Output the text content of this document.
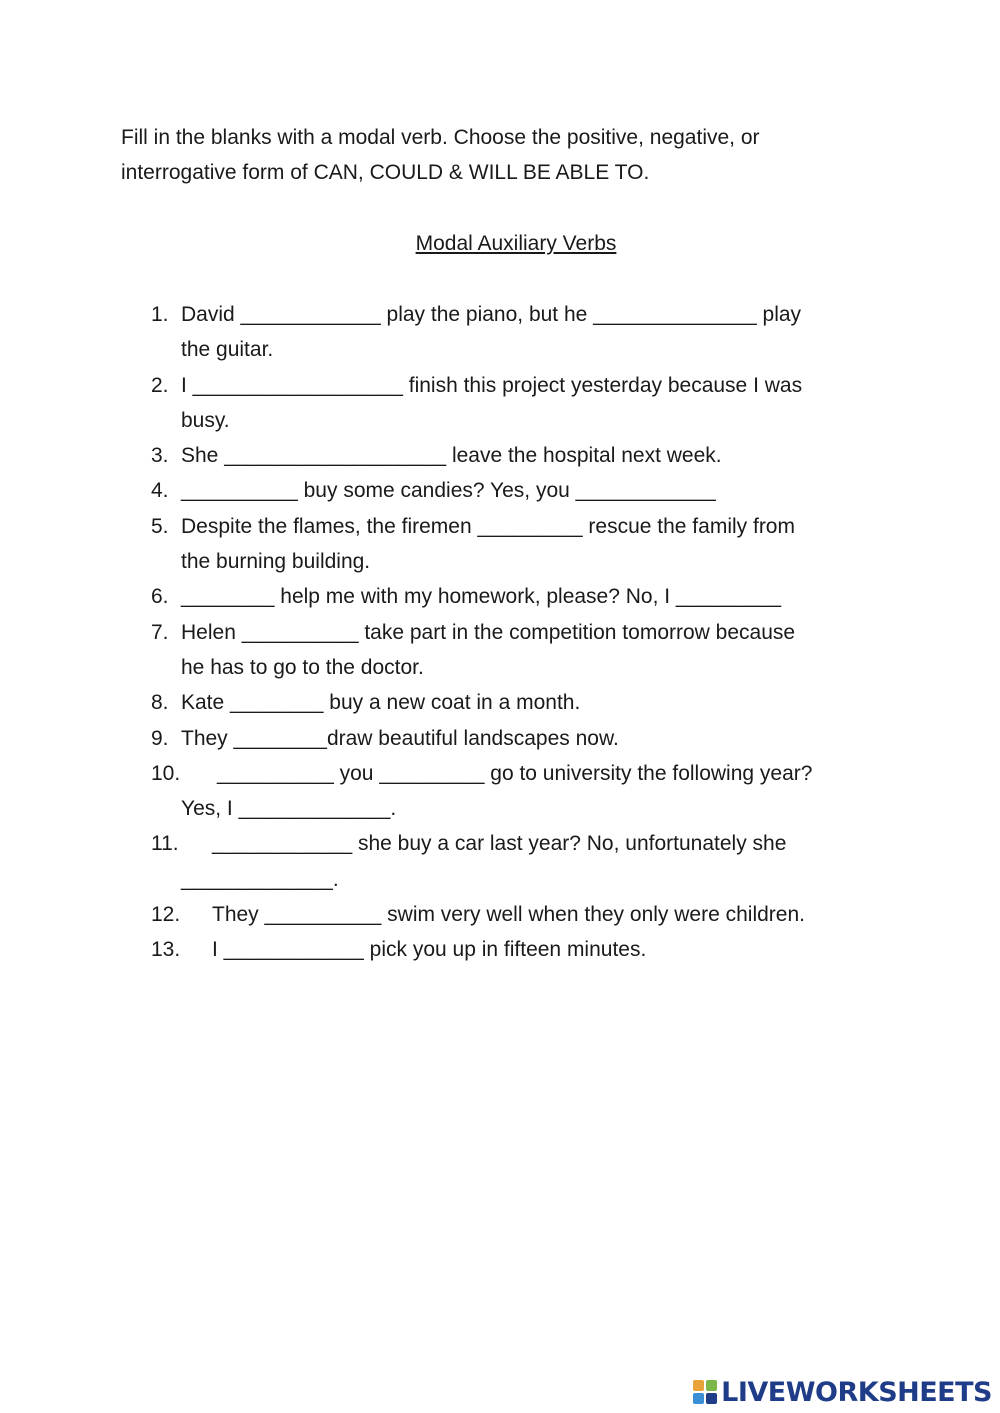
Fill in the blanks with a modal verb. Choose the positive, negative, or
interrogative form of CAN, COULD & WILL BE ABLE TO.
Modal Auxiliary Verbs
1. David ____________ play the piano, but he ______________ play
the guitar.
2. I __________________ finish this project yesterday because I was
busy.
3. She ___________________ leave the hospital next week.
4. __________ buy some candies? Yes, you ____________
5. Despite the flames, the firemen _________ rescue the family from
the burning building.
6. ________ help me with my homework, please? No, I _________
7. Helen __________ take part in the competition tomorrow because
he has to go to the doctor.
8. Kate ________ buy a new coat in a month.
9. They ________draw beautiful landscapes now.
10.	__________ you _________ go to university the following year?
Yes, I _____________.
11.	____________ she buy a car last year? No, unfortunately she
_____________.
12.	They __________ swim very well when they only were children.
13.	I ____________ pick you up in fifteen minutes.
LIVEWORKSHEETS
